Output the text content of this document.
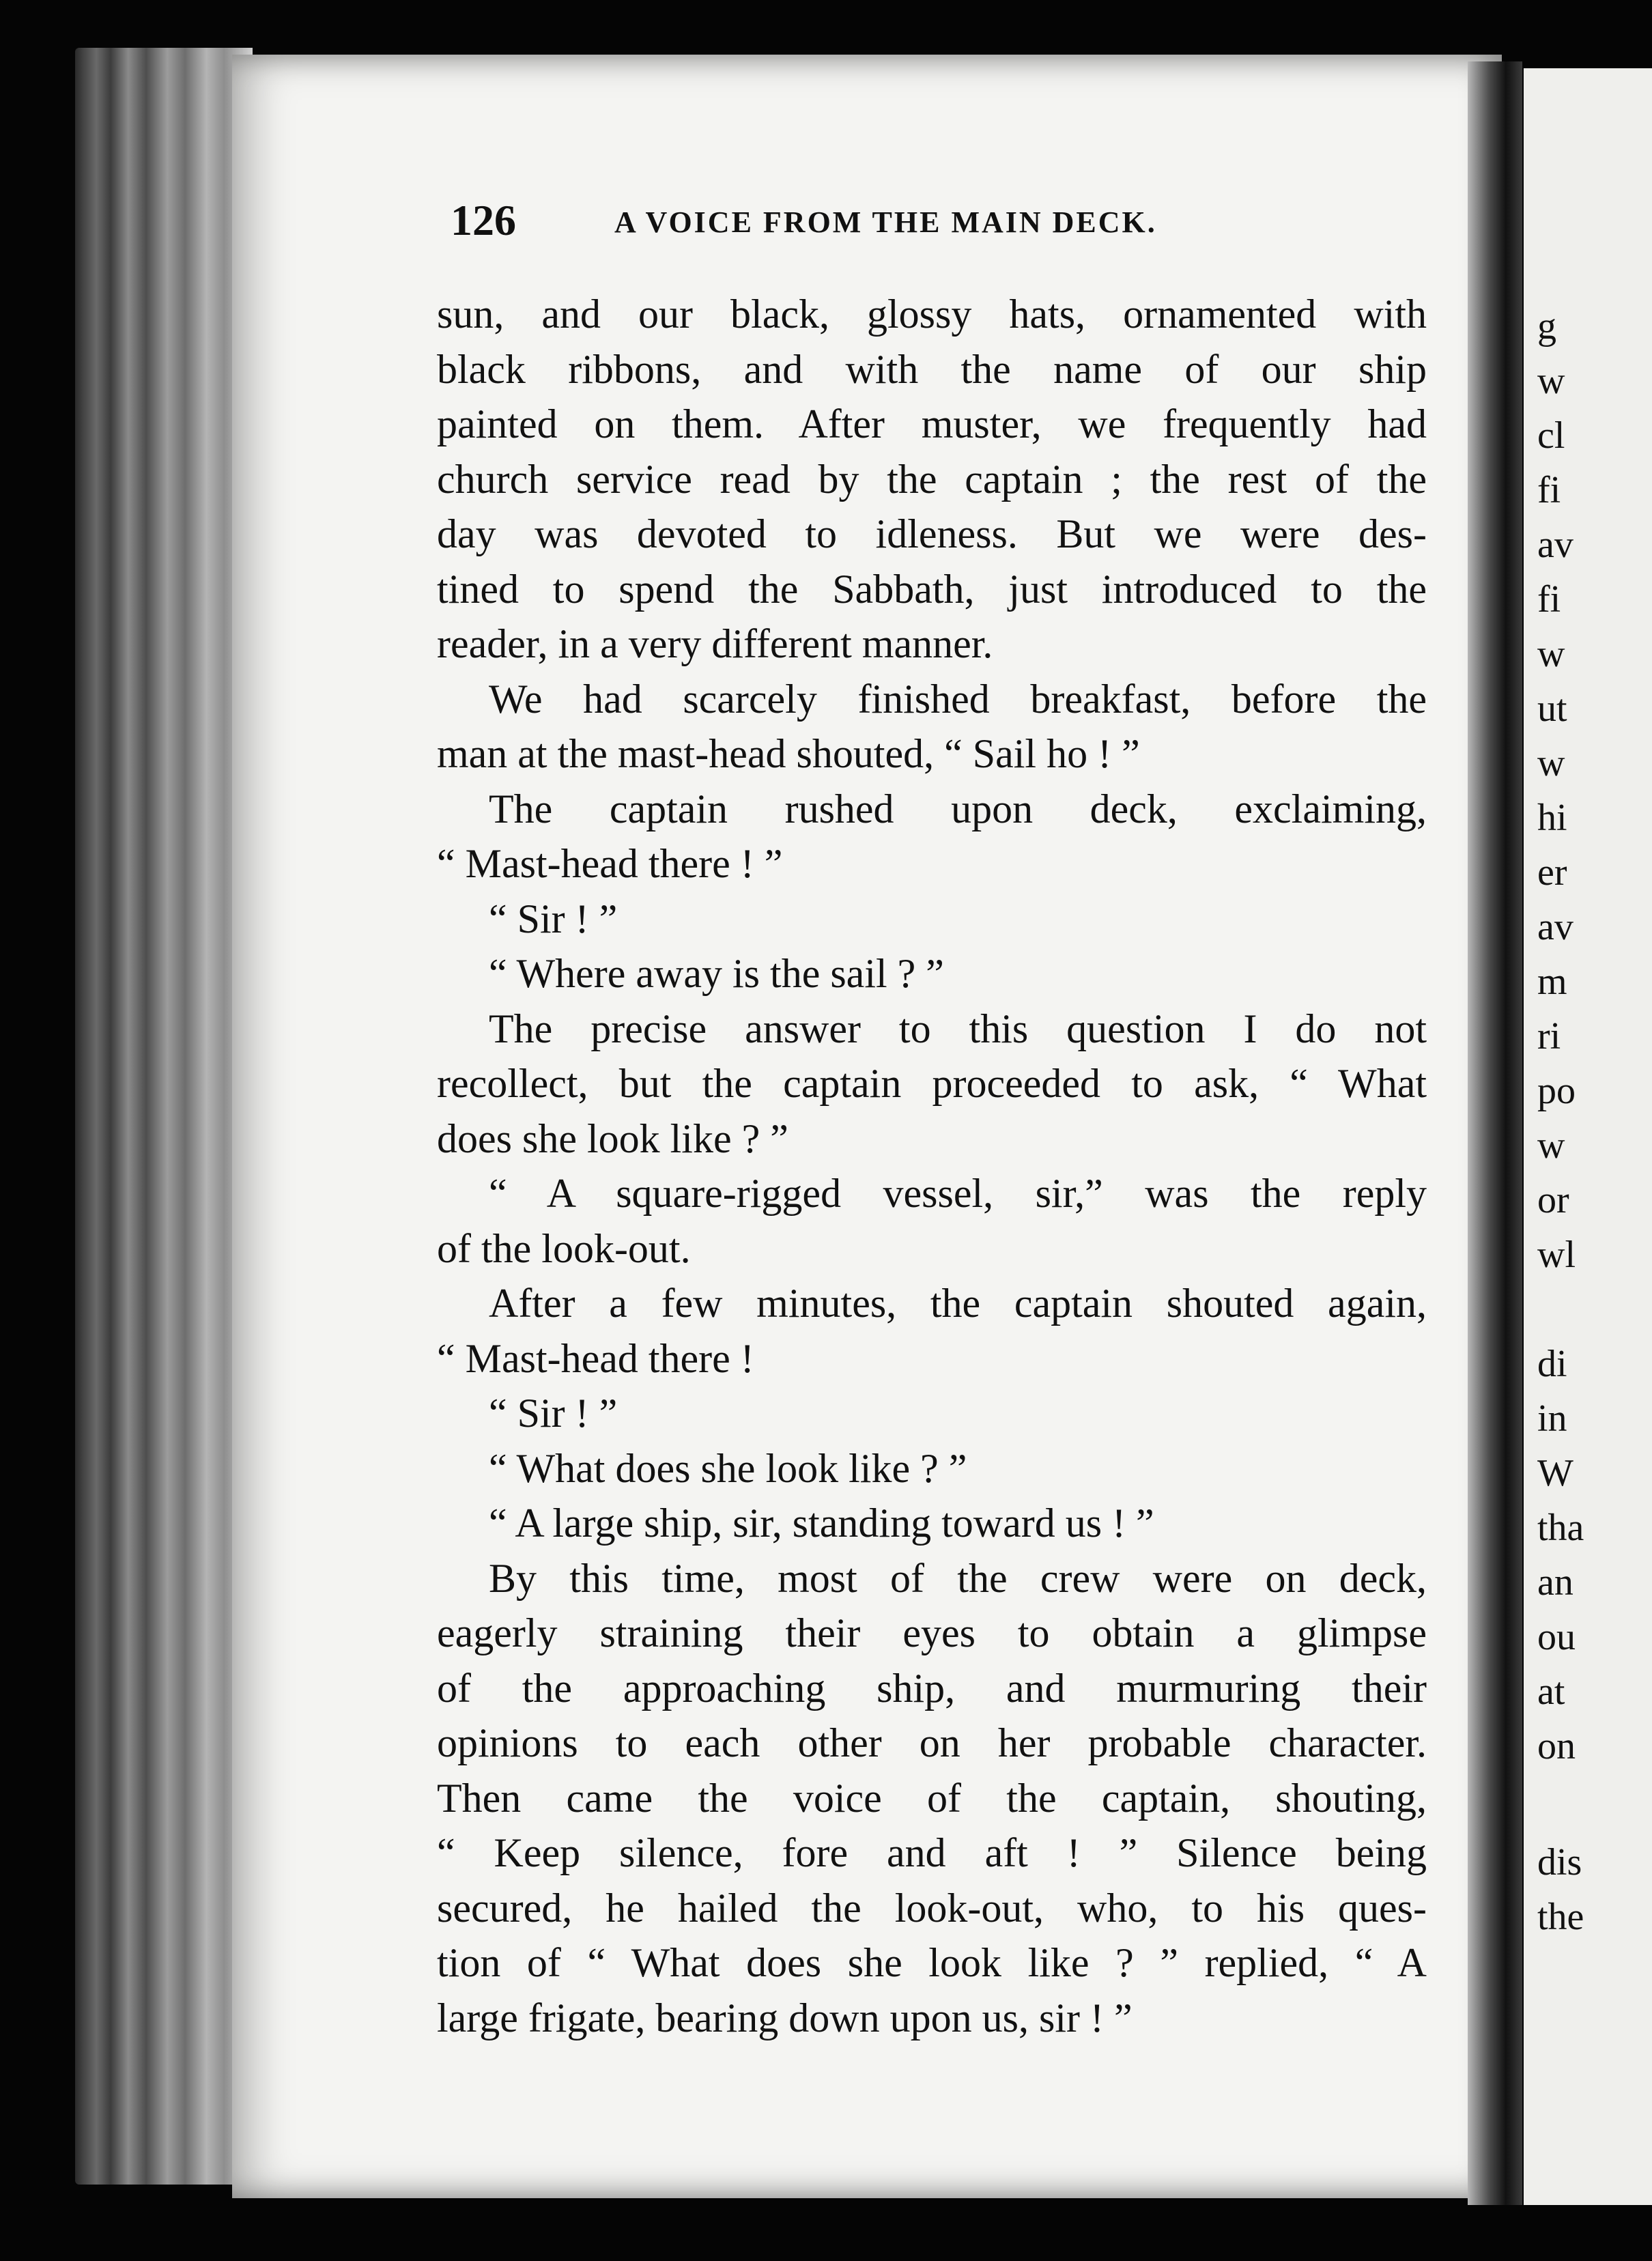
126	A VOICE FROM THE MAIN DECK.
sun, and our black, glossy hats, ornamented with
black ribbons, and with the name of our ship
painted on them. After muster, we frequently had
church service read by the captain ; the rest of the
day was devoted to idleness. But we were des-
tined to spend the Sabbath, just introduced to the
reader, in a very different manner.
We had scarcely finished breakfast, before the
man at the mast-head shouted, “ Sail ho ! ”
The captain rushed upon deck, exclaiming,
“ Mast-head there ! ”
“ Sir ! ”
“ Where away is the sail ? ”
The precise answer to this question I do not
recollect, but the captain proceeded to ask, “ What
does she look like ? ”
“ A square-rigged vessel, sir,” was the reply
of the look-out.
After a few minutes, the captain shouted again,
“ Mast-head there !
“ Sir ! ”
“ What does she look like ? ”
“ A large ship, sir, standing toward us ! ”
By this time, most of the crew were on deck,
eagerly straining their eyes to obtain a glimpse
of the approaching ship, and murmuring their
opinions to each other on her probable character.
Then came the voice of the captain, shouting,
“ Keep silence, fore and aft ! ” Silence being
secured, he hailed the look-out, who, to his ques-
tion of “ What does she look like ? ” replied, “ A
large frigate, bearing down upon us, sir ! ”
g
w
cl
fi
av
fi
w
ut
w
hi
er
av
m
ri
po
w
or
wl
di
in
W
tha
an
ou
at
on
dis
the
